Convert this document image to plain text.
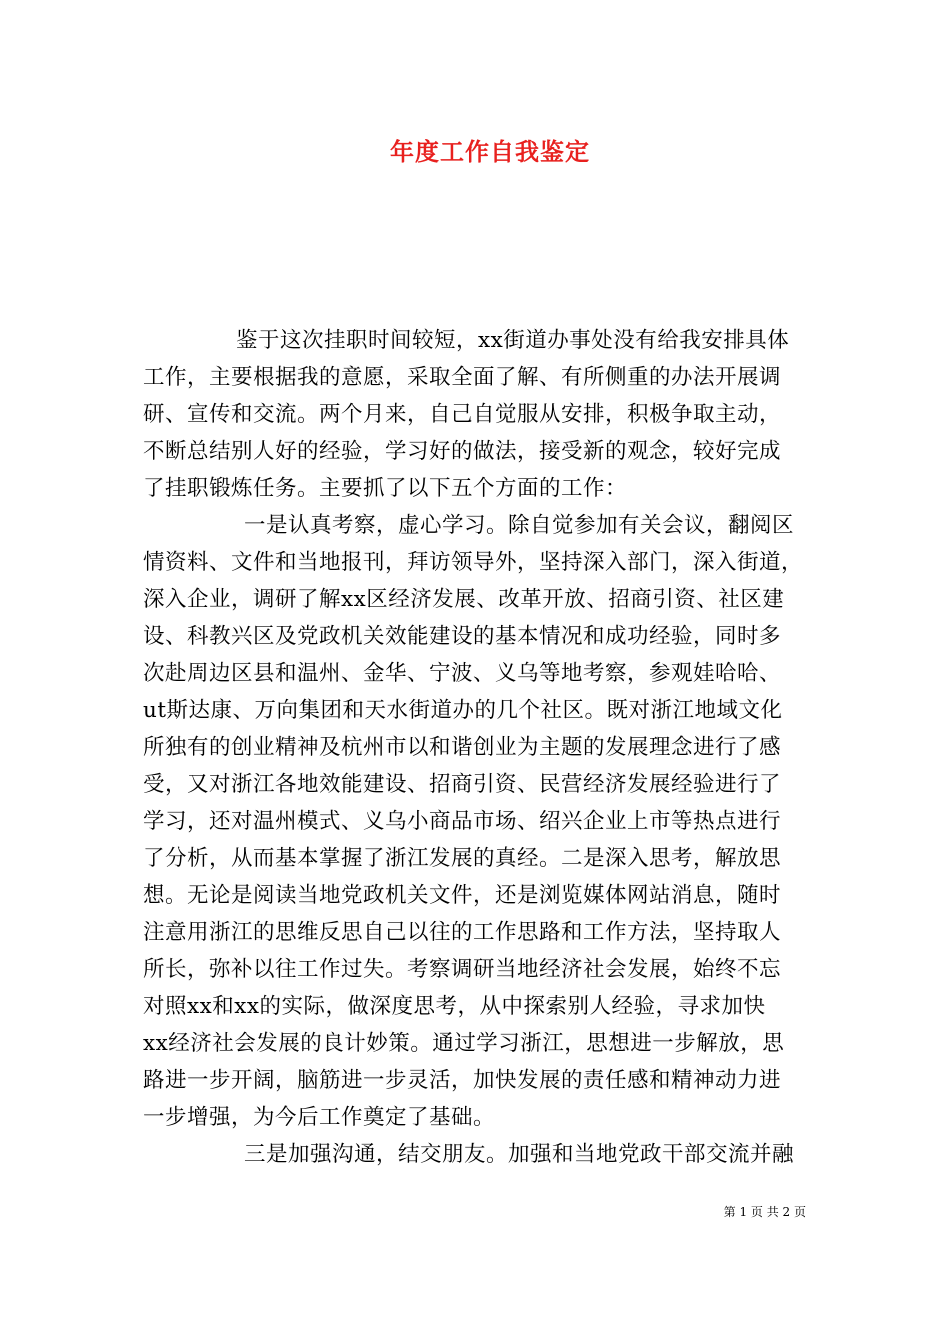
年度工作自我鉴定
鉴于这次挂职时间较短，xx街道办事处没有给我安排具体
工作，主要根据我的意愿，采取全面了解、有所侧重的办法开展调
研、宣传和交流。两个月来，自己自觉服从安排，积极争取主动，
不断总结别人好的经验，学习好的做法，接受新的观念，较好完成
了挂职锻炼任务。主要抓了以下五个方面的工作：
一是认真考察，虚心学习。除自觉参加有关会议，翻阅区
情资料、文件和当地报刊，拜访领导外，坚持深入部门，深入街道，
深入企业，调研了解xx区经济发展、改革开放、招商引资、社区建
设、科教兴区及党政机关效能建设的基本情况和成功经验，同时多
次赴周边区县和温州、金华、宁波、义乌等地考察，参观娃哈哈、
ut斯达康、万向集团和天水街道办的几个社区。既对浙江地域文化
所独有的创业精神及杭州市以和谐创业为主题的发展理念进行了感
受，又对浙江各地效能建设、招商引资、民营经济发展经验进行了
学习，还对温州模式、义乌小商品市场、绍兴企业上市等热点进行
了分析，从而基本掌握了浙江发展的真经。二是深入思考，解放思
想。无论是阅读当地党政机关文件，还是浏览媒体网站消息，随时
注意用浙江的思维反思自己以往的工作思路和工作方法，坚持取人
所长，弥补以往工作过失。考察调研当地经济社会发展，始终不忘
对照xx和xx的实际，做深度思考，从中探索别人经验，寻求加快
xx经济社会发展的良计妙策。通过学习浙江，思想进一步解放，思
路进一步开阔，脑筋进一步灵活，加快发展的责任感和精神动力进
一步增强，为今后工作奠定了基础。
三是加强沟通，结交朋友。加强和当地党政干部交流并融
第 1 页 共 2 页
